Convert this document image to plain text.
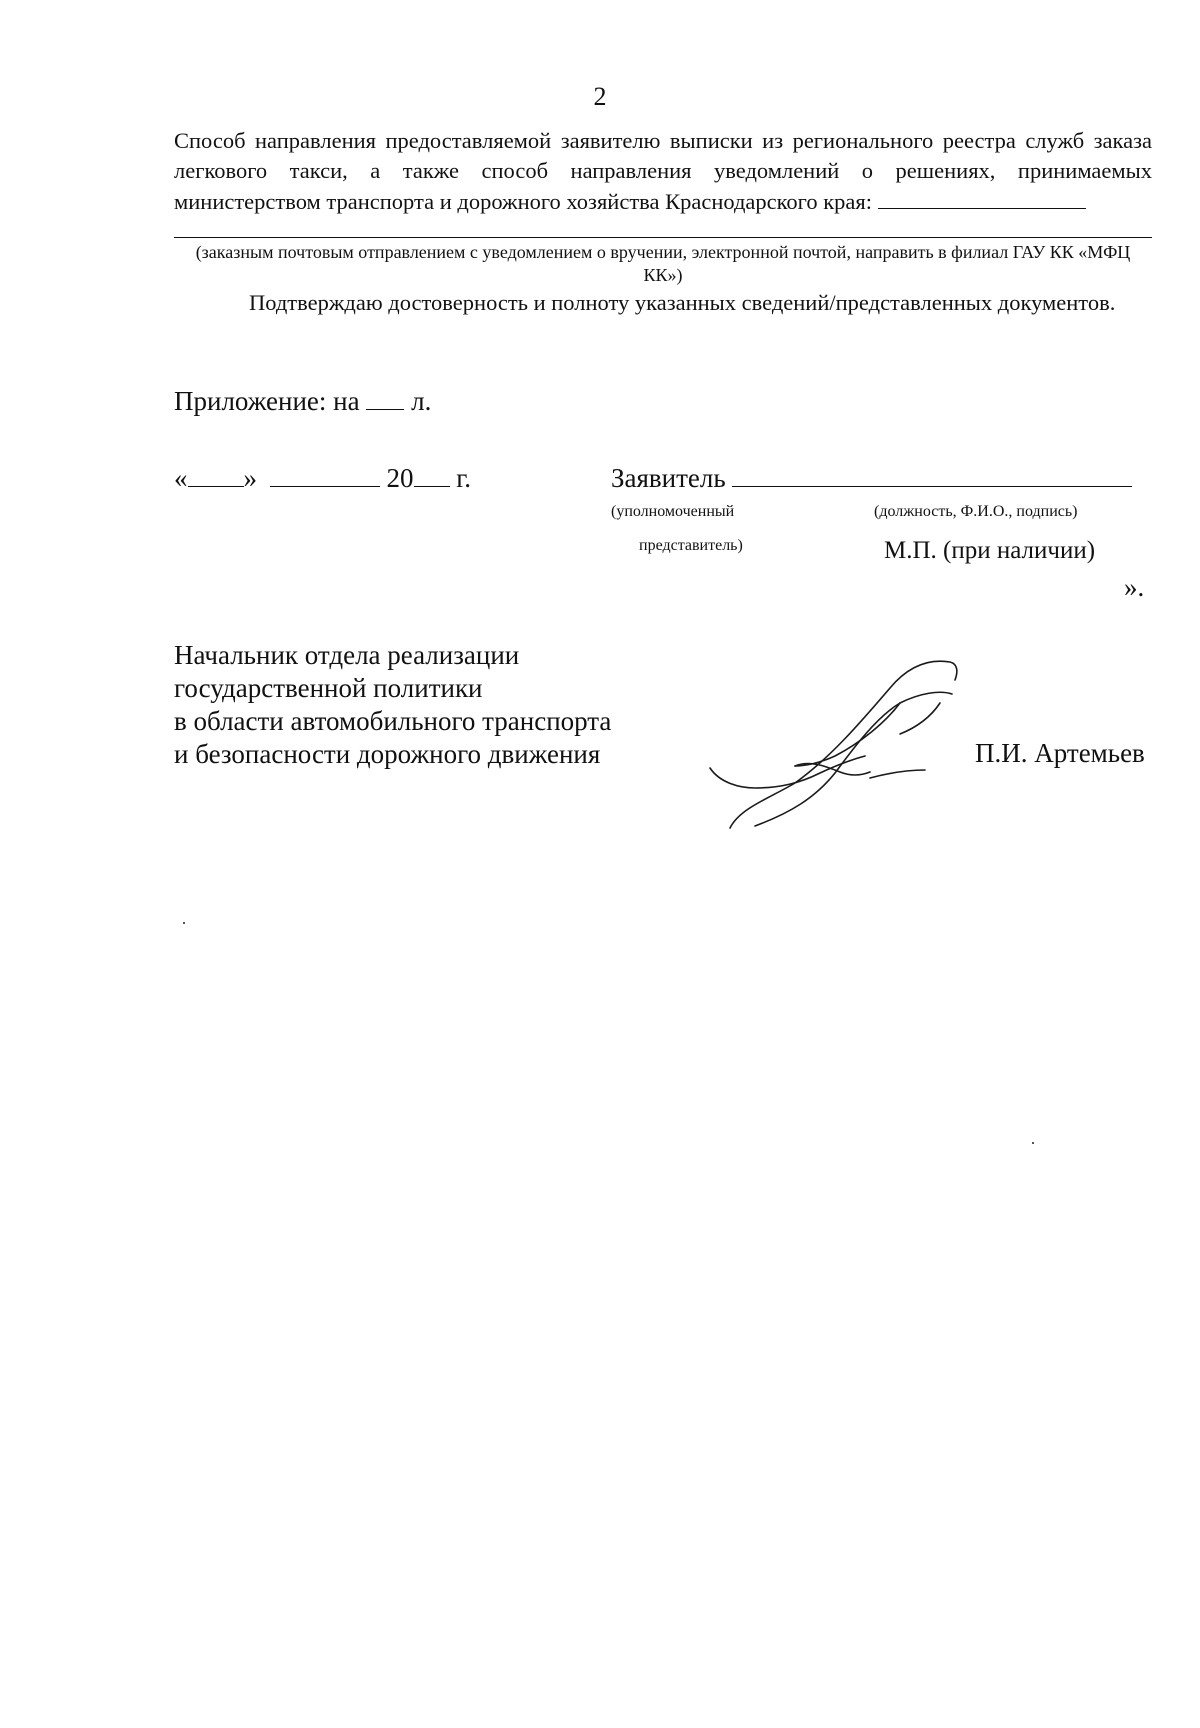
2
Способ направления предоставляемой заявителю выписки из регионального реестра служб заказа легкового такси, а также способ направления уведомлений о решениях, принимаемых министерством транспорта и дорожного хозяйства Краснодарского края:
(заказным почтовым отправлением с уведомлением о вручении, электронной почтой, направить в филиал ГАУ КК «МФЦ КК»)
Подтверждаю достоверность и полноту указанных сведений/представленных документов.
Приложение: на л.
« »	20 г.	Заявитель
(уполномоченный	(должность, Ф.И.О., подпись)
представитель)	М.П. (при наличии)
».
Начальник отдела реализации
государственной политики
в области автомобильного транспорта
и безопасности дорожного движения	П.И. Артемьев
